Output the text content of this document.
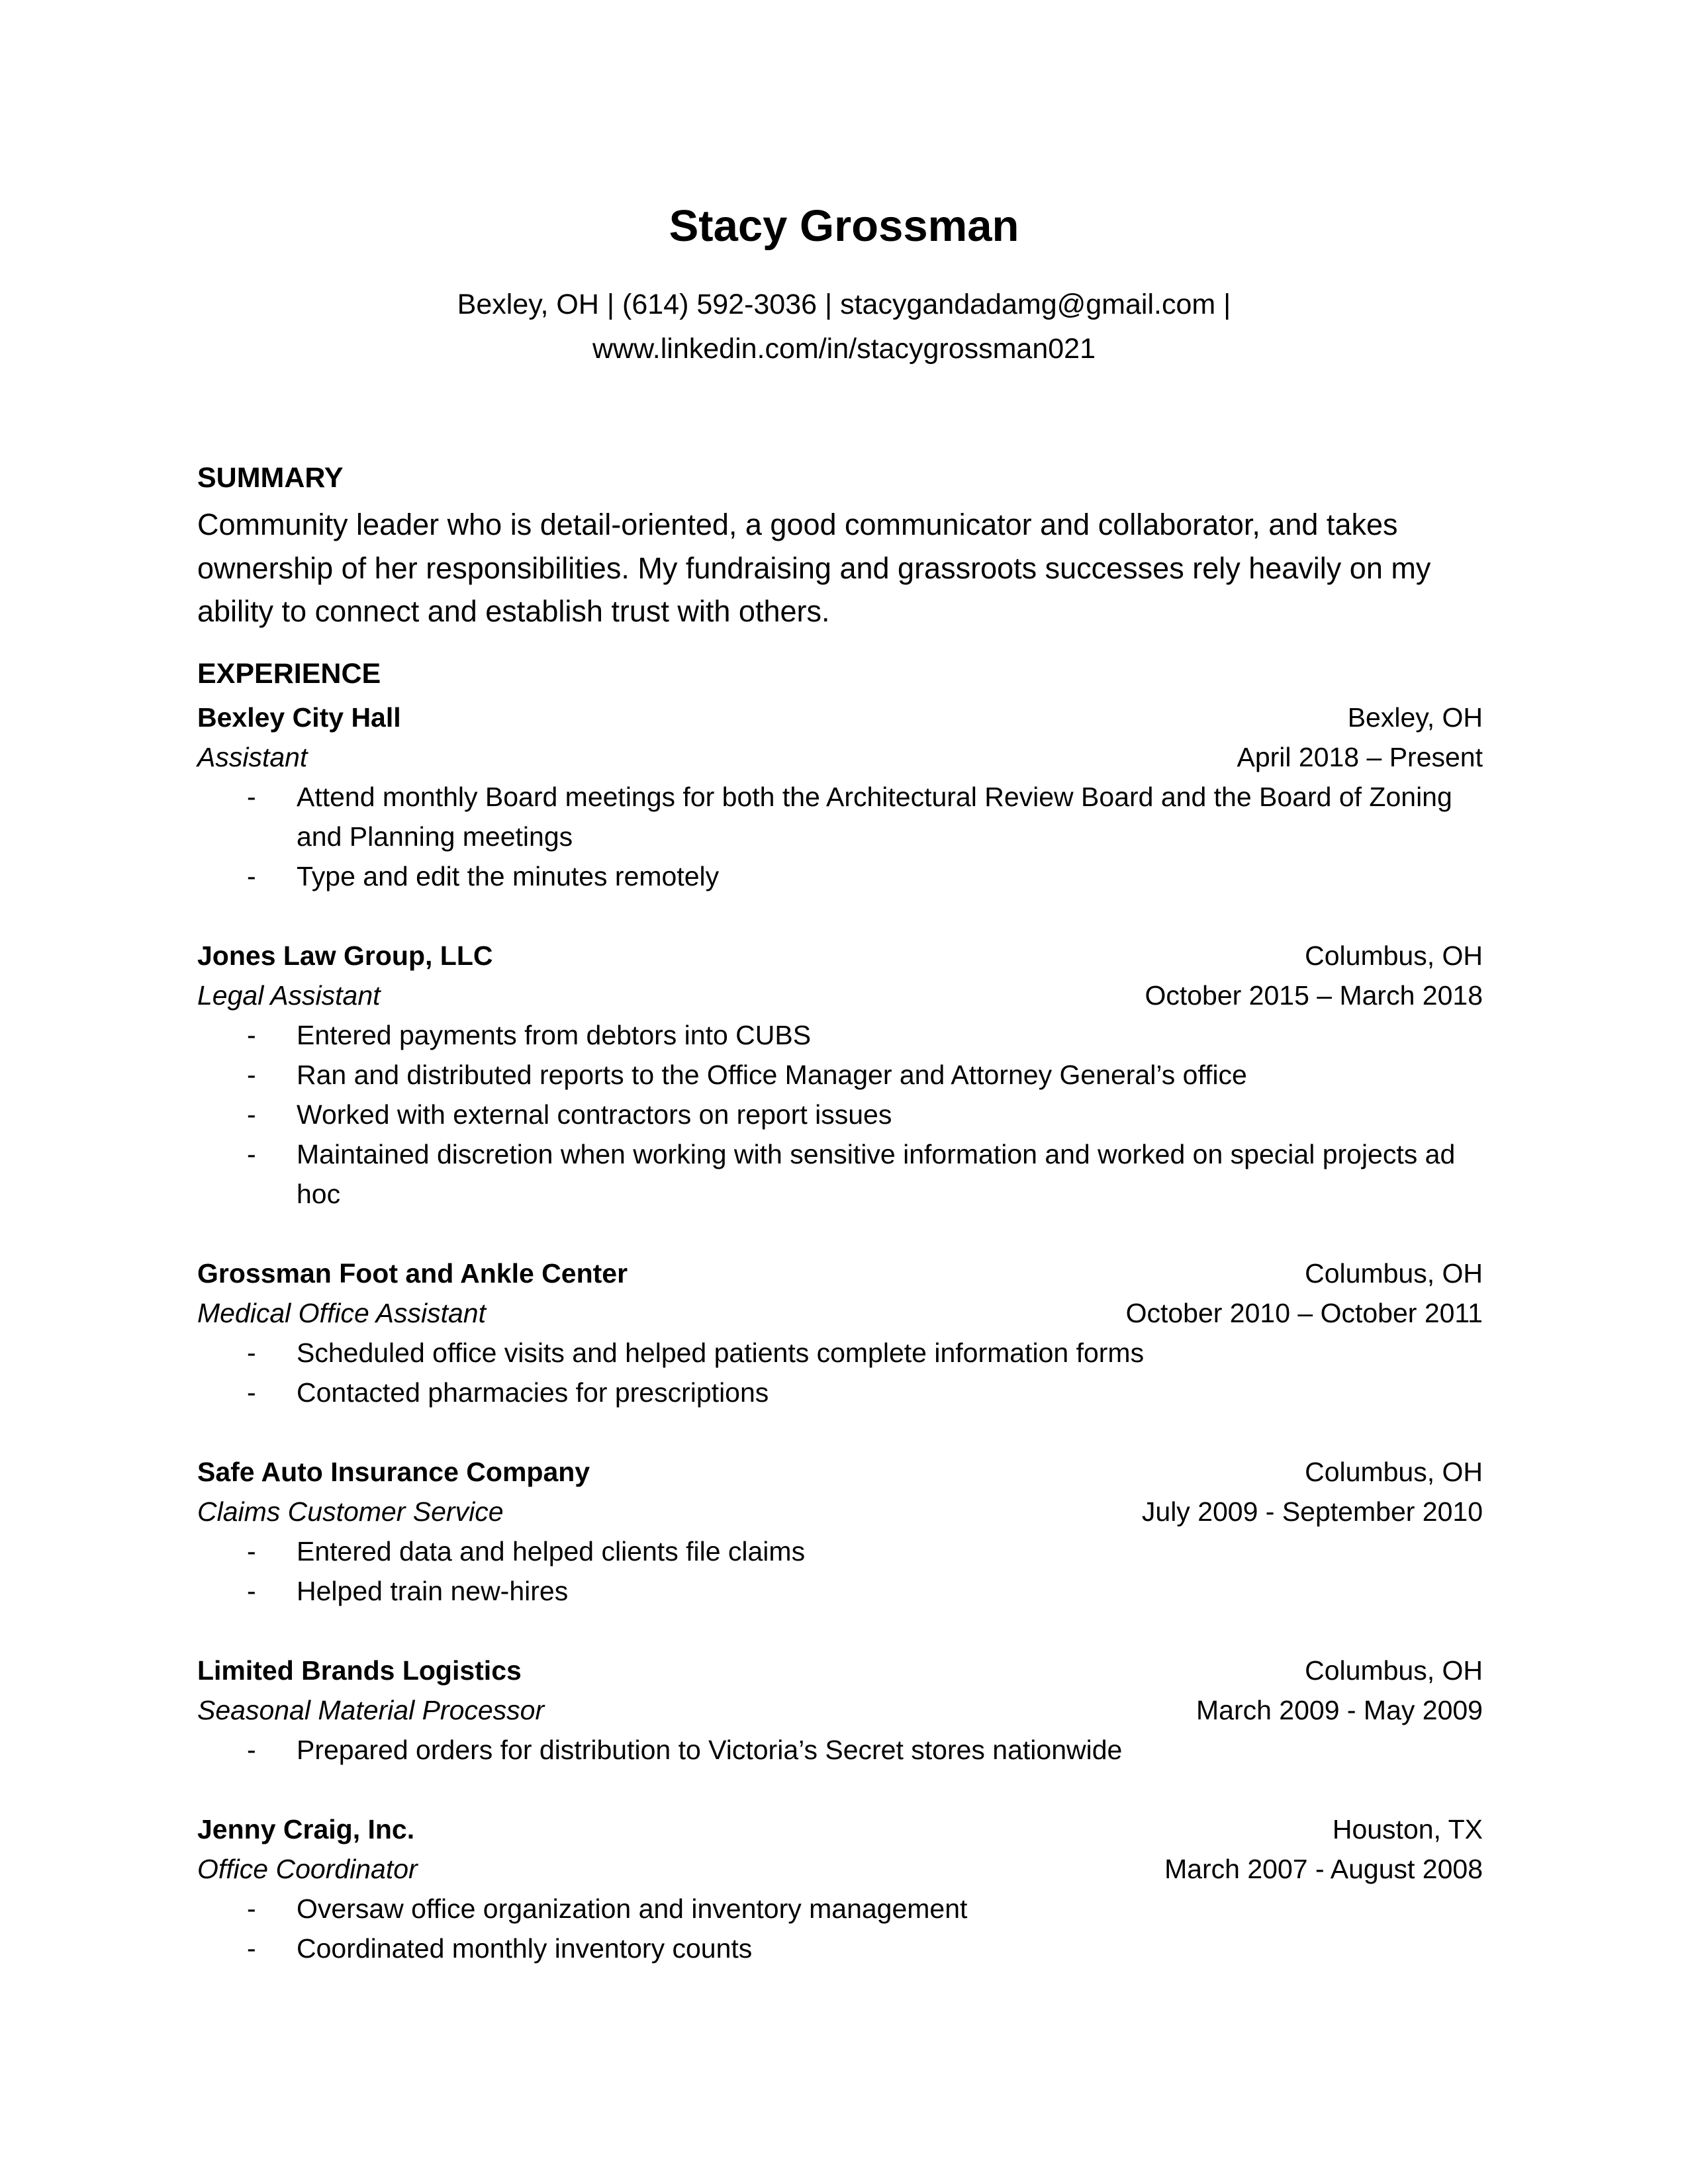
Stacy Grossman
Bexley, OH | (614) 592-3036 | stacygandadamg@gmail.com |
www.linkedin.com/in/stacygrossman021
SUMMARY

Community leader who is detail-oriented, a good communicator and collaborator, and takes ownership of her responsibilities. My fundraising and grassroots successes rely heavily on my ability to connect and establish trust with others.

EXPERIENCE
Bexley City Hall	Bexley, OH
Assistant	April 2018 – Present
- Attend monthly Board meetings for both the Architectural Review Board and the Board of Zoning and Planning meetings
- Type and edit the minutes remotely
Jones Law Group, LLC	Columbus, OH
Legal Assistant	October 2015 – March 2018
- Entered payments from debtors into CUBS
- Ran and distributed reports to the Office Manager and Attorney General’s office
- Worked with external contractors on report issues
- Maintained discretion when working with sensitive information and worked on special projects ad hoc
Grossman Foot and Ankle Center	Columbus, OH
Medical Office Assistant	October 2010 – October 2011
- Scheduled office visits and helped patients complete information forms
- Contacted pharmacies for prescriptions
Safe Auto Insurance Company	Columbus, OH
Claims Customer Service	July 2009 - September 2010
- Entered data and helped clients file claims
- Helped train new-hires
Limited Brands Logistics	Columbus, OH
Seasonal Material Processor	March 2009 - May 2009
- Prepared orders for distribution to Victoria’s Secret stores nationwide
Jenny Craig, Inc.	Houston, TX
Office Coordinator	March 2007 - August 2008
- Oversaw office organization and inventory management
- Coordinated monthly inventory counts
